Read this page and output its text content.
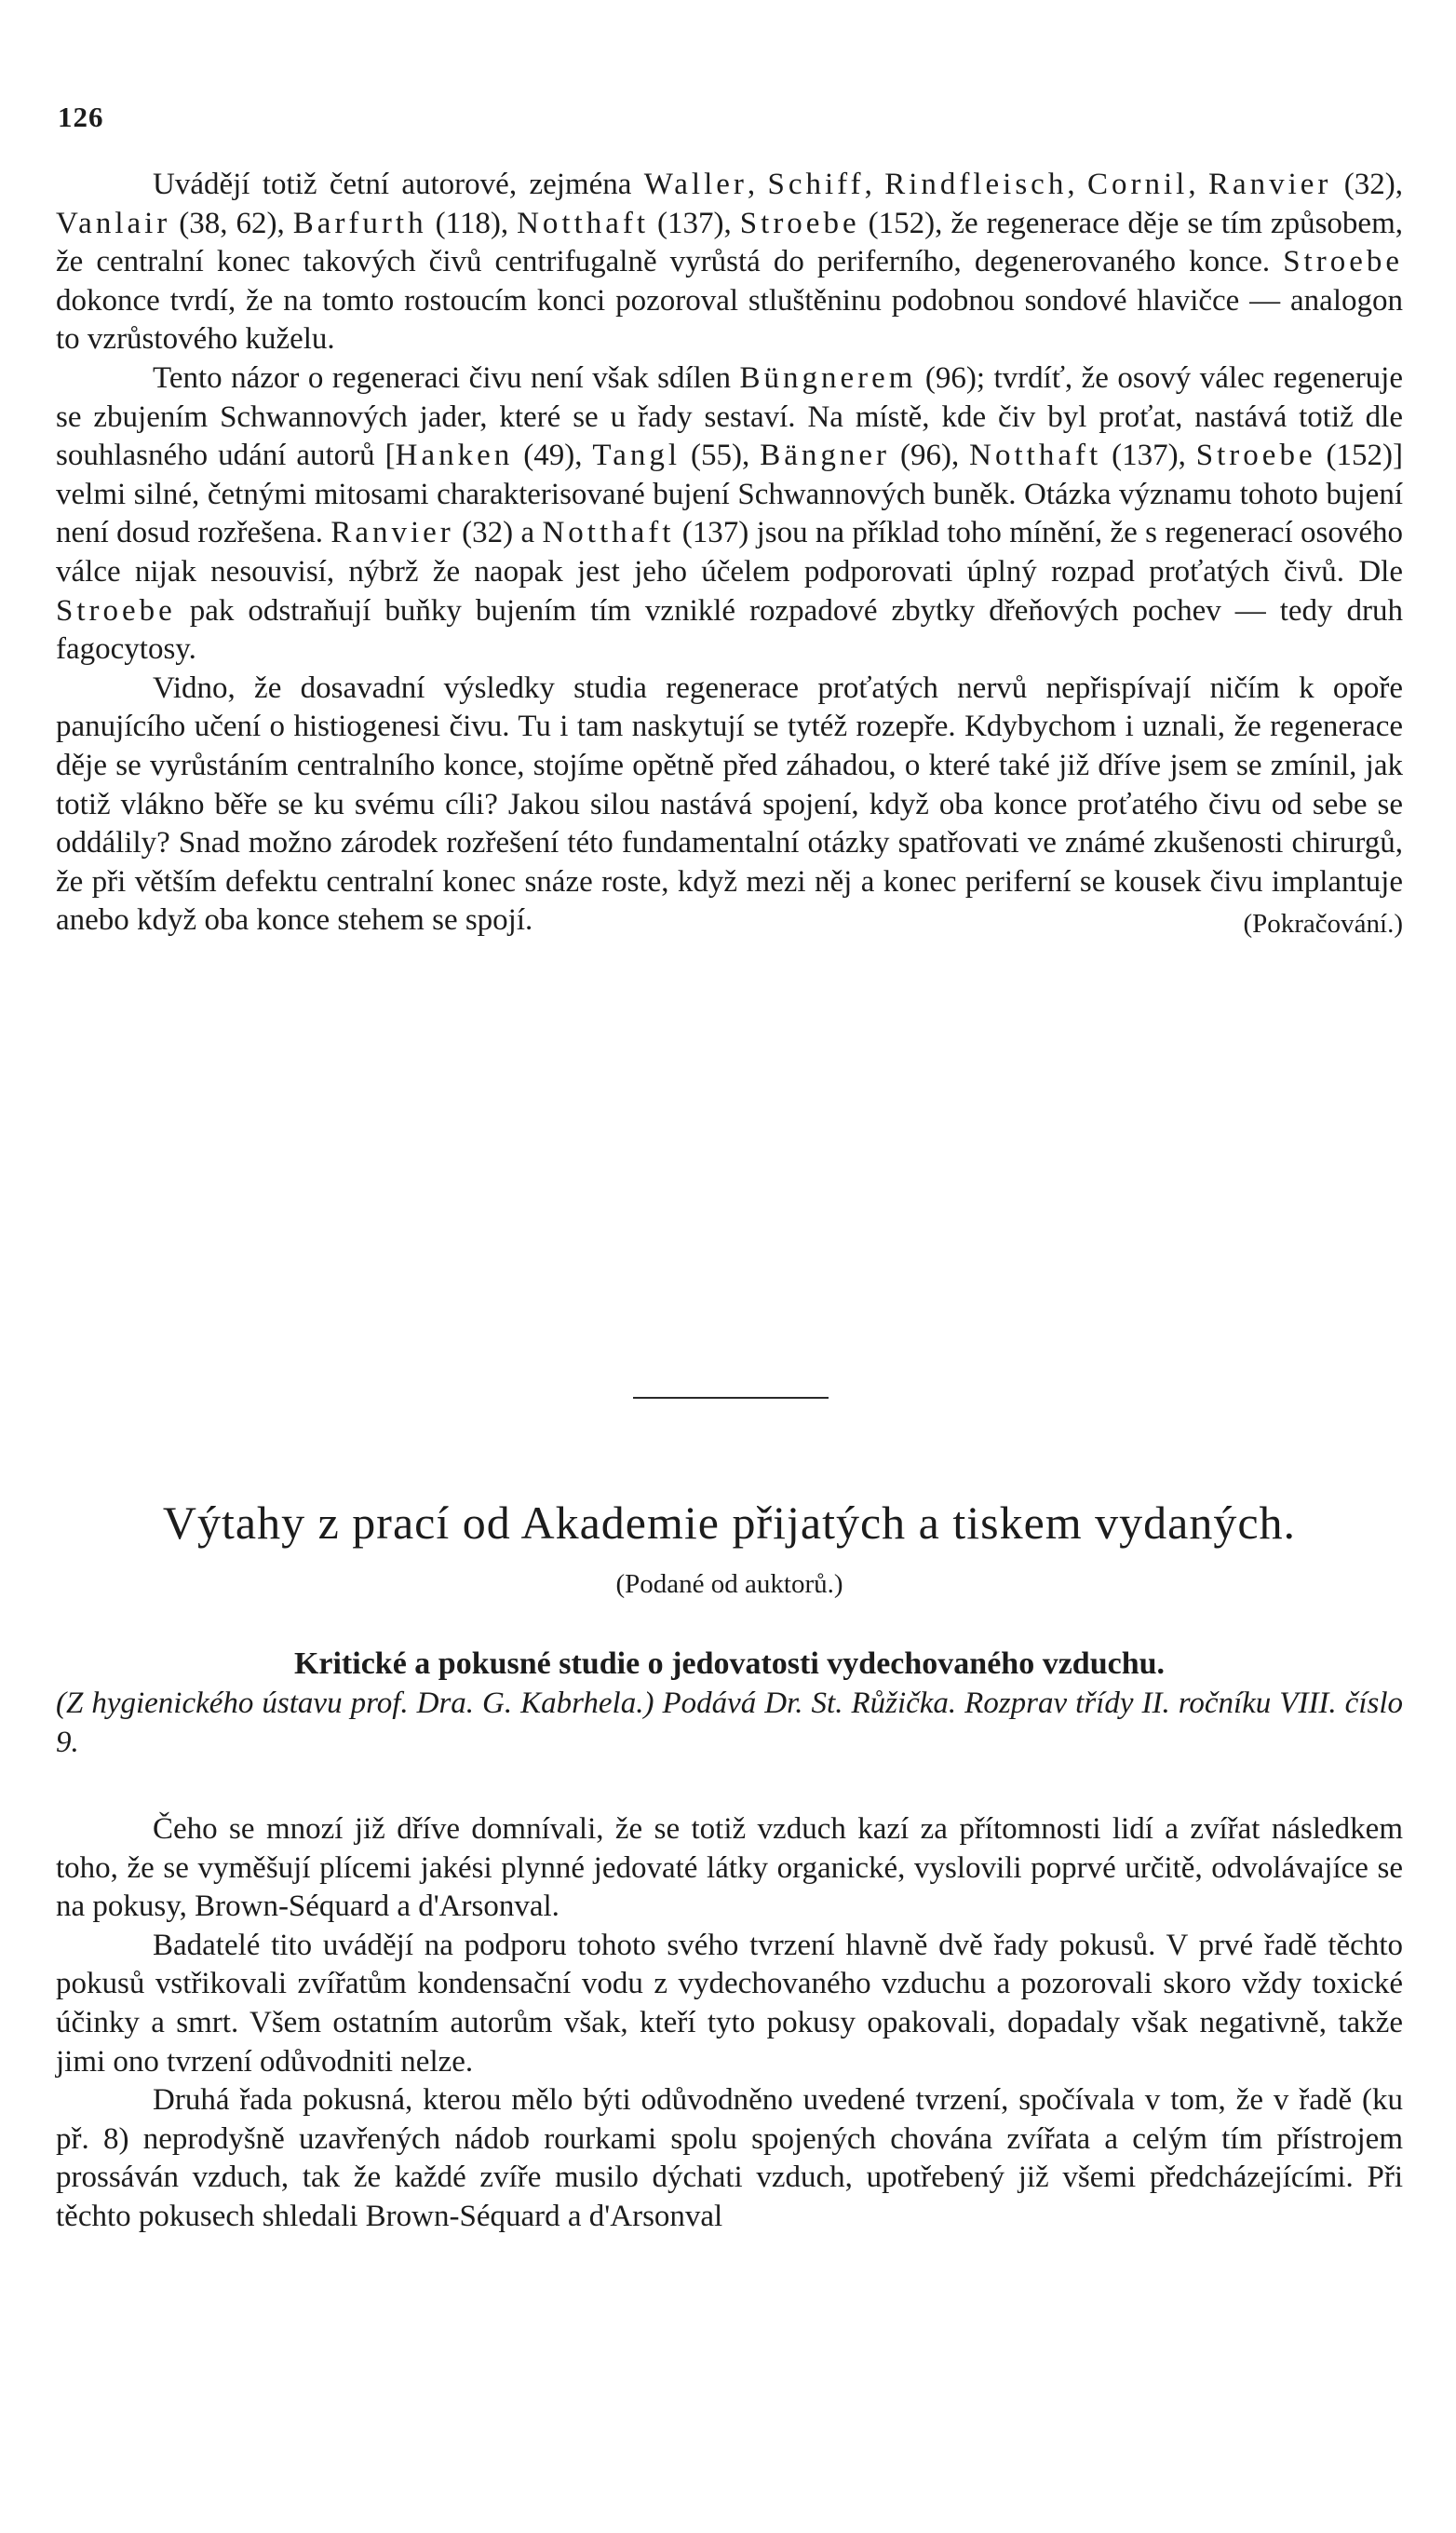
126

Uvádějí totiž četní autorové, zejména Waller, Schiff, Rindfleisch, Cornil, Ranvier (32), Vanlair (38, 62), Barfurth (118), Notthaft (137), Stroebe (152), že regenerace děje se tím způsobem, že centralní konec takových čivů centrifugalně vyrůstá do periferního, degenerovaného konce. Stroebe dokonce tvrdí, že na tomto rostoucím konci pozoroval stluštěninu podobnou sondové hlavičce — analogon to vzrůstového kuželu.

Tento názor o regeneraci čivu není však sdílen Büngnerem (96); tvrdíť, že osový válec regeneruje se zbujením Schwannových jader, které se u řady sestaví. Na místě, kde čiv byl proťat, nastává totiž dle souhlasného udání autorů [Hanken (49), Tangl (55), Bängner (96), Notthaft (137), Stroebe (152)] velmi silné, četnými mitosami charakterisované bujení Schwannových buněk. Otázka významu tohoto bujení není dosud rozřešena. Ranvier (32) a Notthaft (137) jsou na příklad toho mínění, že s regenerací osového válce nijak nesouvisí, nýbrž že naopak jest jeho účelem podporovati úplný rozpad proťatých čivů. Dle Stroebe pak odstraňují buňky bujením tím vzniklé rozpadové zbytky dřeňových pochev — tedy druh fagocytosy.

Vidno, že dosavadní výsledky studia regenerace proťatých nervů nepřispívají ničím k opoře panujícího učení o histiogenesi čivu. Tu i tam naskytují se tytéž rozepře. Kdybychom i uznali, že regenerace děje se vyrůstáním centralního konce, stojíme opětně před záhadou, o které také již dříve jsem se zmínil, jak totiž vlákno běře se ku svému cíli? Jakou silou nastává spojení, když oba konce proťatého čivu od sebe se oddálily? Snad možno zárodek rozřešení této fundamentalní otázky spatřovati ve známé zkušenosti chirurgů, že při větším defektu centralní konec snáze roste, když mezi něj a konec periferní se kousek čivu implantuje anebo když oba konce stehem se spojí.	(Pokračování.)

Výtahy z prací od Akademie přijatých a tiskem vydaných.
(Podané od auktorů.)
Kritické a pokusné studie o jedovatosti vydechovaného vzduchu.
(Z hygienického ústavu prof. Dra. G. Kabrhela.) Podává Dr. St. Růžička. Rozprav třídy II. ročníku VIII. číslo 9.

Čeho se mnozí již dříve domnívali, že se totiž vzduch kazí za přítomnosti lidí a zvířat následkem toho, že se vyměšují plícemi jakési plynné jedovaté látky organické, vyslovili poprvé určitě, odvolávajíce se na pokusy, Brown-Séquard a d'Arsonval.

Badatelé tito uvádějí na podporu tohoto svého tvrzení hlavně dvě řady pokusů. V prvé řadě těchto pokusů vstřikovali zvířatům kondensační vodu z vydechovaného vzduchu a pozorovali skoro vždy toxické účinky a smrt. Všem ostatním autorům však, kteří tyto pokusy opakovali, dopadaly však negativně, takže jimi ono tvrzení odůvodniti nelze.

Druhá řada pokusná, kterou mělo býti odůvodněno uvedené tvrzení, spočívala v tom, že v řadě (ku př. 8) neprodyšně uzavřených nádob rourkami spolu spojených chována zvířata a celým tím přístrojem prossáván vzduch, tak že každé zvíře musilo dýchati vzduch, upotřebený již všemi předcházejícími. Při těchto pokusech shledali Brown-Séquard a d'Arsonval
